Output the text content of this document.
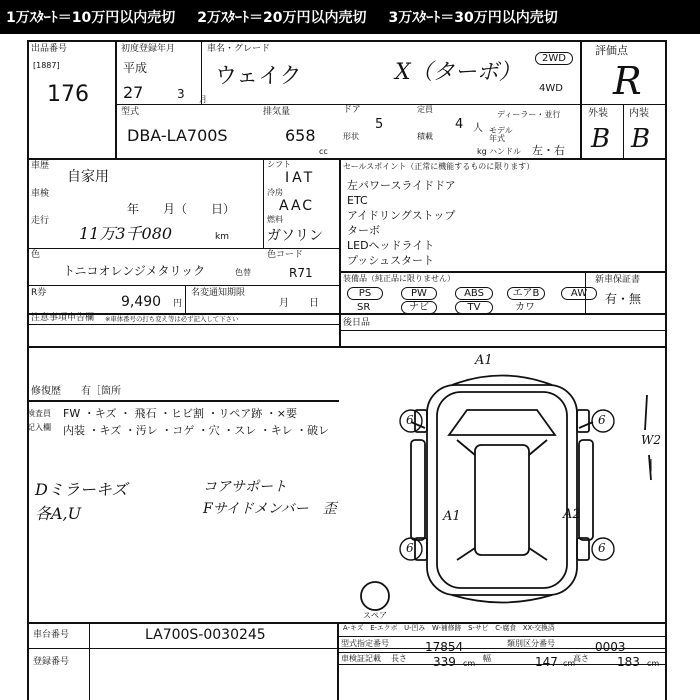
1万ｽﾀｰﾄ＝10万円以内売切 2万ｽﾀｰﾄ＝20万円以内売切 3万ｽﾀｰﾄ＝30万円以内売切
出品番号
[1887]
176
初度登録年月	車名・グレード
平成
27	3 月
ウェイク	X（ターボ）
2WD
4WD
評価点
R
外装 内装
B B
型式
DBA-LA700S
排気量
658
cc
ドア
5
形状
定員
4 人
積載
kg
ディーラー・並行
モデル年式
ハンドル 左・右
車歴
自家用
車検
年　　月（　　日）
走行
11万3千080	km
シフト
IAT
冷房
AAC
燃料
ガソリン
色
トニコオレンジメタリック	色替
色コード
R71
R券
9,490 円
名変通知期限
月　　日
セールスポイント（正常に機能するものに限ります）
左パワースライドドア
ETC
アイドリングストップ
ターボ
LEDヘッドライト
プッシュスタート
装備品（純正品に限りません）
PS	PW	ABS	エアB	AW
SR	ナビ	TV	カワ
新車保証書
有・無
注意事項申告欄 ※車体番号の打ち変え等は必ず記入して下さい
修復歴 有［箇所
後日品
検査員
記入欄
FW ・キズ ・ 飛石 ・ヒビ割 ・リペア跡 ・×要
内装 ・キズ ・汚レ ・コゲ ・穴 ・スレ ・キレ ・破レ
Dミラーキズ
各A,U
コアサポート
Fサイドメンバー　歪
A1
A1	A2
6	6
6	6
W2
|
スペア
車台番号	LA700S-0030245
登録番号
A-キズ　E-エクボ　U-凹み　W-補修跡　S-サビ　C-腐食　XX-交換済
型式指定番号	17854	類別区分番号	0003
車検証記載 長さ 339 cm
幅	147 cm
高さ 183 cm
